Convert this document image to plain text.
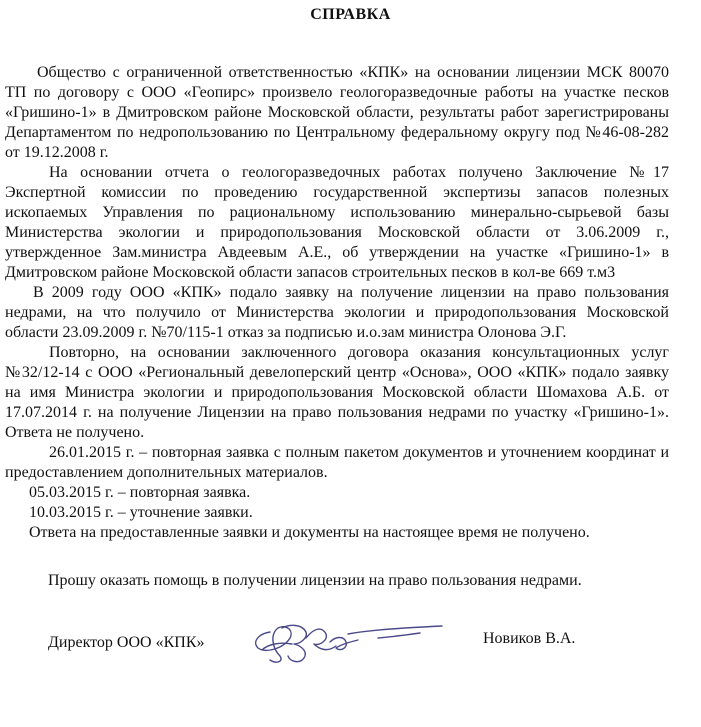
СПРАВКА

Общество с ограниченной ответственностью «КПК» на основании лицензии МСК 80070 ТП по договору с ООО «Геопирс» произвело геологоразведочные работы на участке песков «Гришино-1» в Дмитровском районе Московской области, результаты работ зарегистрированы Департаментом по недропользованию по Центральному федеральному округу под №46-08-282 от 19.12.2008 г.

На основании отчета о геологоразведочных работах получено Заключение №17 Экспертной комиссии по проведению государственной экспертизы запасов полезных ископаемых Управления по рациональному использованию минерально-сырьевой базы Министерства экологии и природопользования Московской области от 3.06.2009 г., утвержденное Зам.министра Авдеевым А.Е., об утверждении на участке «Гришино-1» в Дмитровском районе Московской области запасов строительных песков в кол-ве 669 т.м3

В 2009 году ООО «КПК» подало заявку на получение лицензии на право пользования недрами, на что получило от Министерства экологии и природопользования Московской области 23.09.2009 г. №70/115-1 отказ за подписью и.о.зам министра Олонова Э.Г.

Повторно, на основании заключенного договора оказания консультационных услуг №32/12-14 с ООО «Региональный девелоперский центр «Основа», ООО «КПК» подало заявку на имя Министра экологии и природопользования Московской области Шомахова А.Б. от 17.07.2014 г. на получение Лицензии на право пользования недрами по участку «Гришино-1». Ответа не получено.

26.01.2015 г. – повторная заявка с полным пакетом документов и уточнением координат и предоставлением дополнительных материалов.

05.03.2015 г. – повторная заявка.

10.03.2015 г. – уточнение заявки.

Ответа на предоставленные заявки и документы на настоящее время не получено.

Прошу оказать помощь в получении лицензии на право пользования недрами.
Директор ООО «КПК»	Новиков В.А.
